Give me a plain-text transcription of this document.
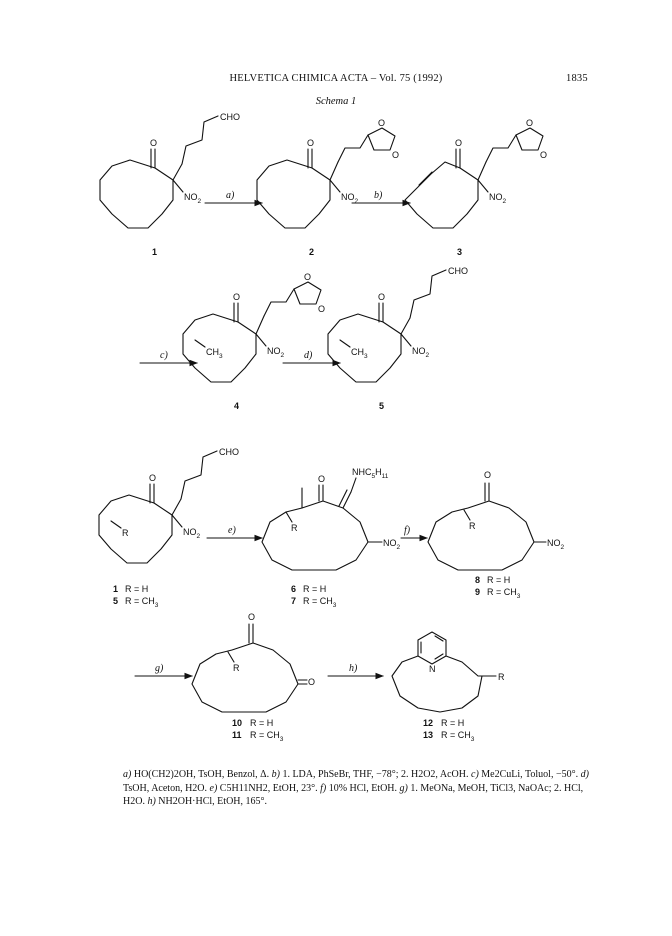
HELVETICA CHIMICA ACTA – Vol. 75 (1992)	1835
Schema 1
O
CHO
$NO_2$
1
a)
O
O
O
$NO_2$
2
b)
O
O
O
$NO_2$
3
c)
O
O
O
$NO_2$
$CH_3$
4
d)
O
CHO
$NO_2$
$CH_3$
5
O
CHO
$NO_2$
R
1 R = H
5 $R = CH_3$
e)
O
$NHC_5H_{11}$
$NO_2$
R
6 R = H
7 $R = CH_3$
f)
O
$NO_2$
R
8 R = H
9 $R = CH_3$
g)
O
O
R
10 R = H
11 $R = CH_3$
h)	N
R
12 R = H
13 $R = CH_3$
a) HO(CH2)2OH, TsOH, Benzol, Δ. b) 1. LDA, PhSeBr, THF, −78°; 2. H2O2, AcOH. c) Me2CuLi, Toluol, −50°. d) TsOH, Aceton, H2O. e) C5H11NH2, EtOH, 23°. f) 10% HCl, EtOH. g) 1. MeONa, MeOH, TiCl3, NaOAc; 2. HCl, H2O. h) NH2OH·HCl, EtOH, 165°.
